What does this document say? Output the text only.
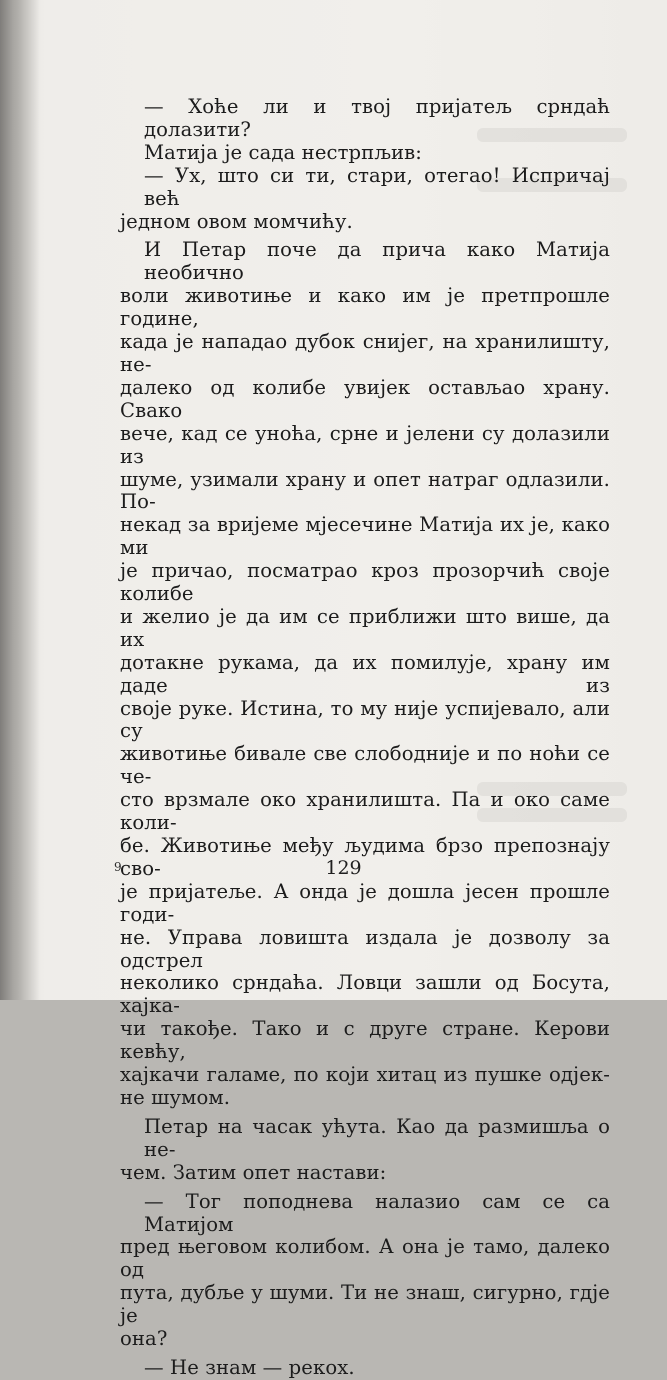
— Хоће ли и твој пријатељ срндаћ долазити?

Матија је сада нестрпљив:

— Ух, што си ти, стари, отегао! Испричај већ

једном овом момчићу.

И Петар поче да прича како Матија необично

воли животиње и како им је претпрошле године,

када је нападао дубок снијег, на хранилишту, не-

далеко од колибе увијек остављао храну. Свако

вече, кад се уноћа, срне и јелени су долазили из

шуме, узимали храну и опет натраг одлазили. По-

некад за вријеме мјесечине Матија их је, како ми

је причао, посматрао кроз прозорчић своје колибе

и желио је да им се приближи што више, да их

дотакне рукама, да их помилује, храну им даде из

своје руке. Истина, то му није успијевало, али су

животиње бивале све слободније и по ноћи се че-

сто врзмале око хранилишта. Па и око саме коли-

бе. Животиње међу људима брзо препознају сво-

је пријатеље. А онда је дошла јесен прошле годи-

не. Управа ловишта издала је дозволу за одстрел

неколико срндаћа. Ловци зашли од Босута, хајка-

чи такође. Тако и с друге стране. Керови кевћу,

хајкачи галаме, по који хитац из пушке одјек-

не шумом.

Петар на часак ућута. Као да размишља о не-

чем. Затим опет настави:

— Тог поподнева налазио сам се са Матијом

пред његовом колибом. А она је тамо, далеко од

пута, дубље у шуми. Ти не знаш, сигурно, гдје је

она?

— Не знам — рекох.

9	129
